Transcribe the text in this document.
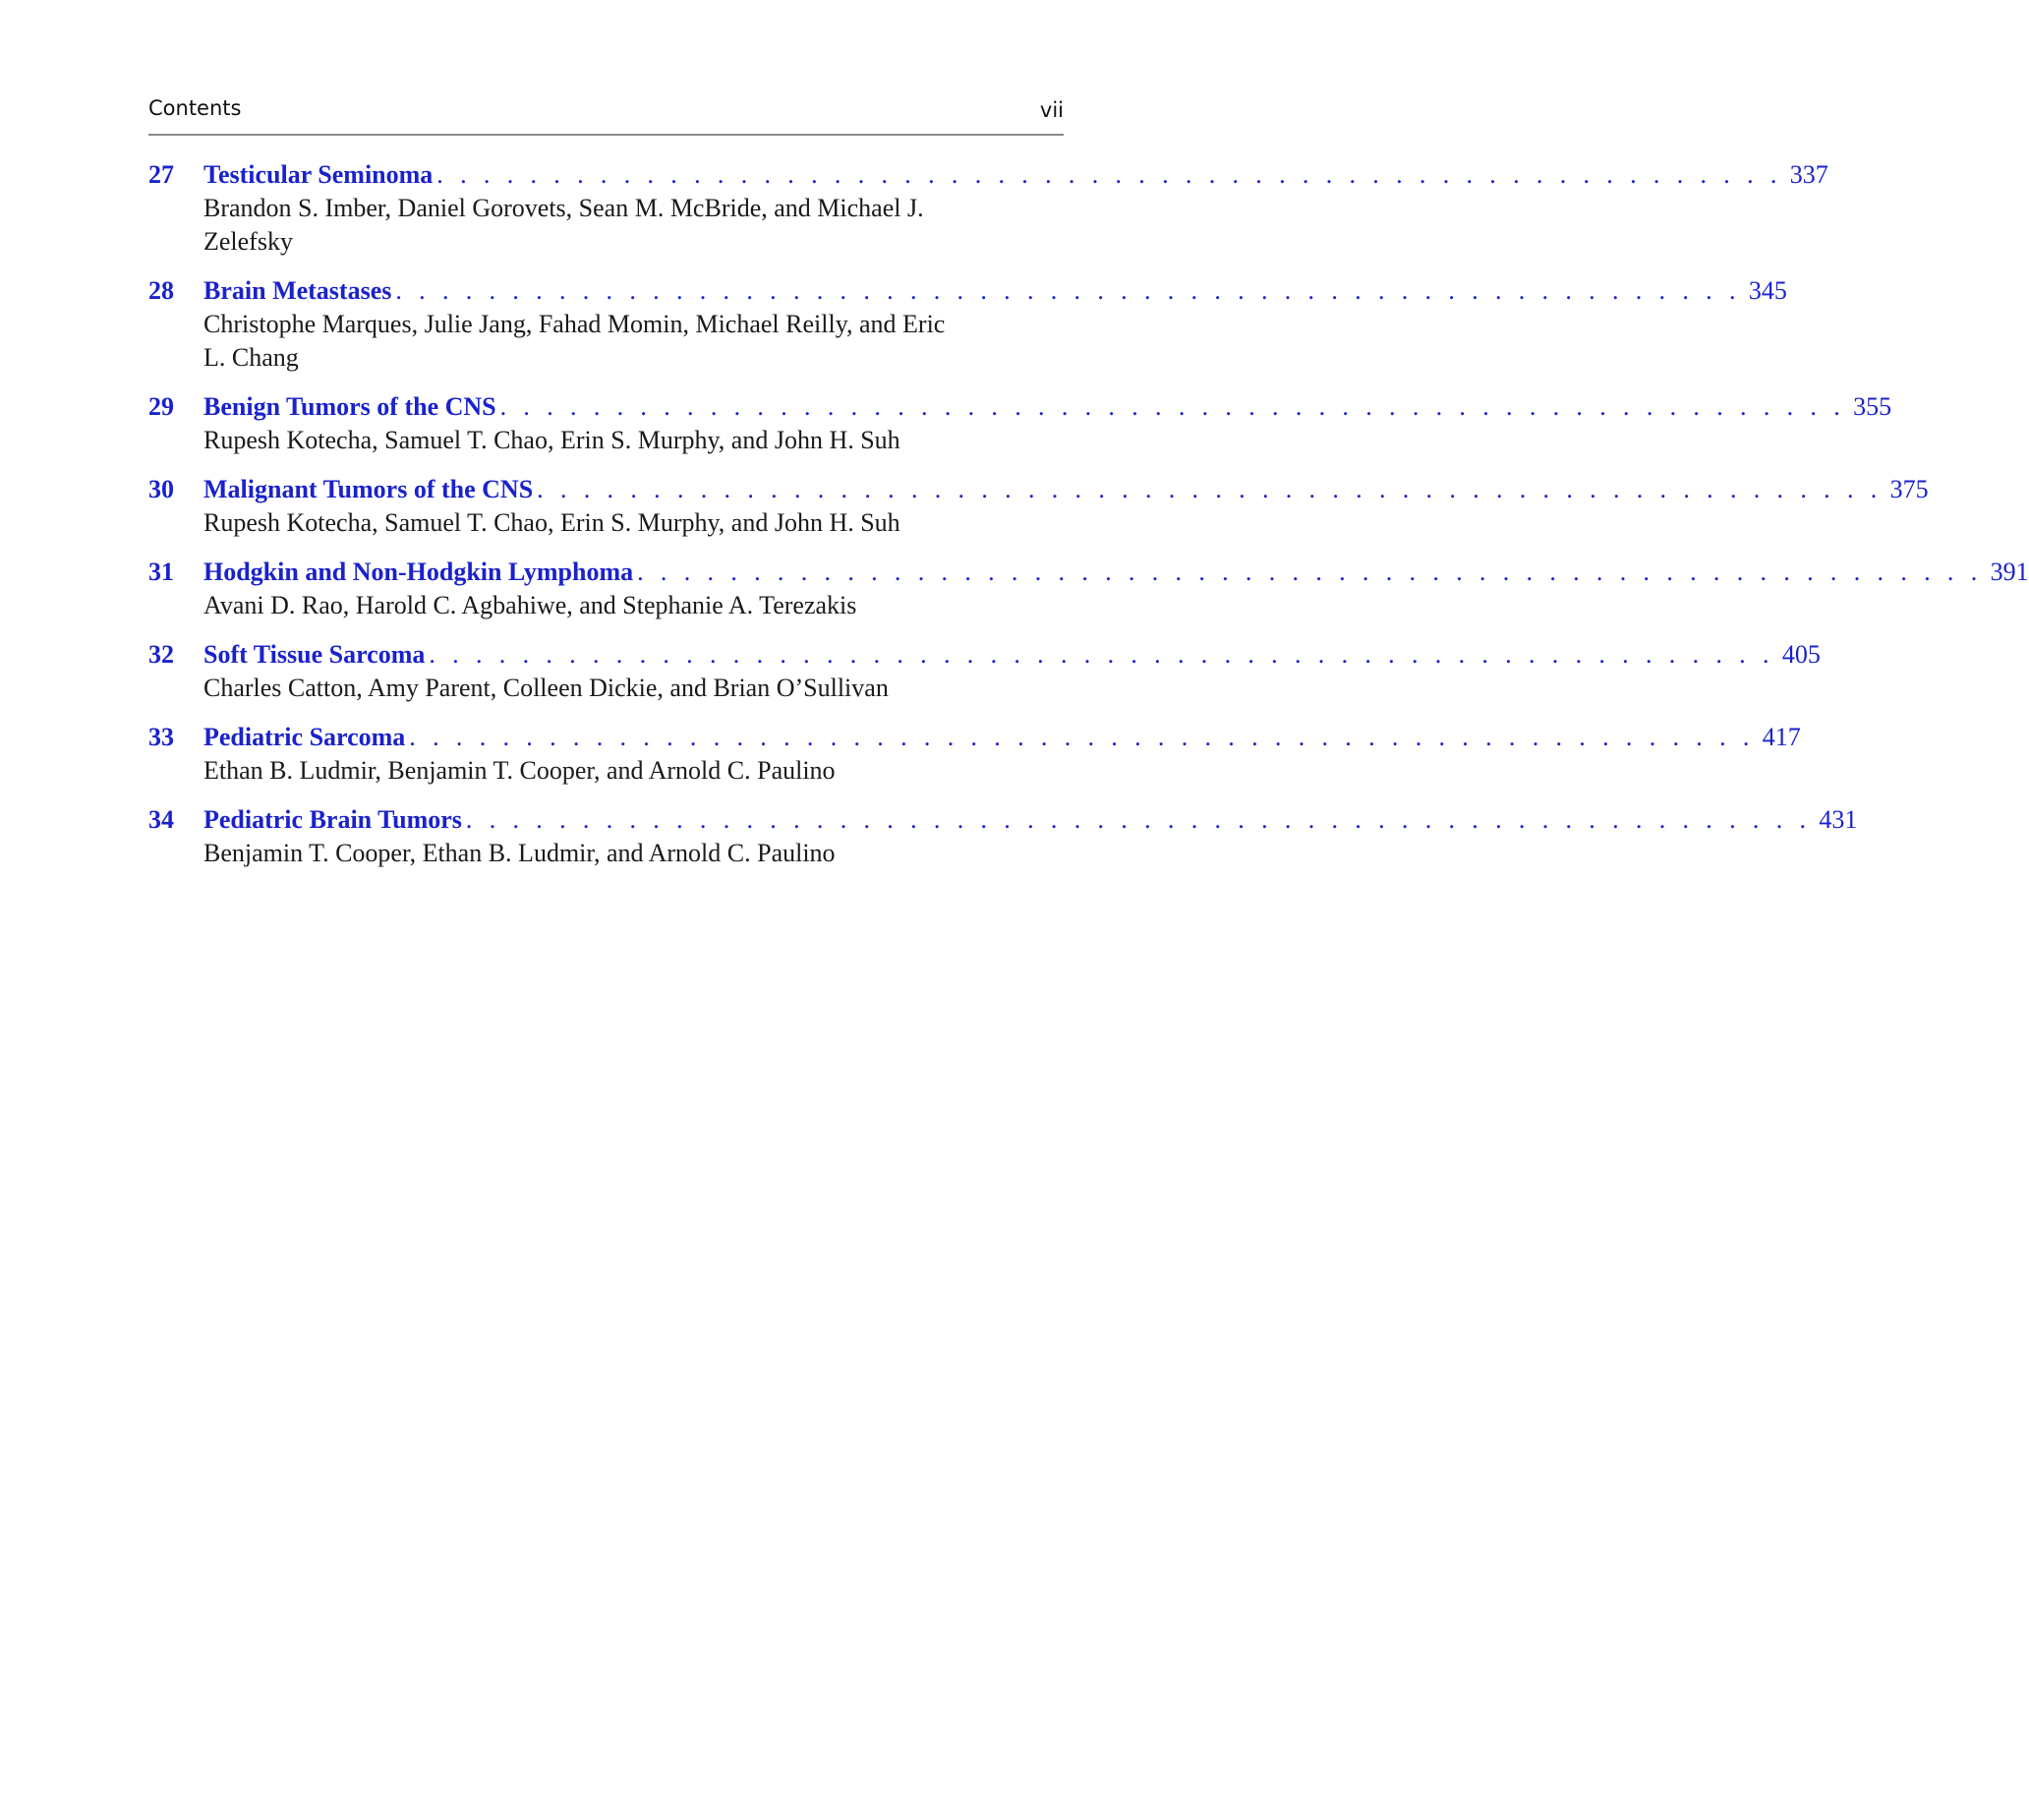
Contents	vii
27 Testicular Seminoma . . . . . . . . . . . . . . . . . . . . . . . . . . . . . . . . . . . . . . . . . . . . . . . . . . . . . . . . . . 337
Brandon S. Imber, Daniel Gorovets, Sean M. McBride, and Michael J. Zelefsky
28 Brain Metastases . . . . . . . . . . . . . . . . . . . . . . . . . . . . . . . . . . . . . . . . . . . . . . . . . . . . . . . . . . 345
Christophe Marques, Julie Jang, Fahad Momin, Michael Reilly, and Eric L. Chang
29 Benign Tumors of the CNS . . . . . . . . . . . . . . . . . . . . . . . . . . . . . . . . . . . . . . . . . . . . . . . . . . . . . . . . . . 355
Rupesh Kotecha, Samuel T. Chao, Erin S. Murphy, and John H. Suh
30 Malignant Tumors of the CNS . . . . . . . . . . . . . . . . . . . . . . . . . . . . . . . . . . . . . . . . . . . . . . . . . . . . . . . . . . 375
Rupesh Kotecha, Samuel T. Chao, Erin S. Murphy, and John H. Suh
31 Hodgkin and Non-Hodgkin Lymphoma . . . . . . . . . . . . . . . . . . . . . . . . . . . . . . . . . . . . . . . . . . . . . . . . . . . . . . . . . . 391
Avani D. Rao, Harold C. Agbahiwe, and Stephanie A. Terezakis
32 Soft Tissue Sarcoma . . . . . . . . . . . . . . . . . . . . . . . . . . . . . . . . . . . . . . . . . . . . . . . . . . . . . . . . . . 405
Charles Catton, Amy Parent, Colleen Dickie, and Brian O’Sullivan
33 Pediatric Sarcoma . . . . . . . . . . . . . . . . . . . . . . . . . . . . . . . . . . . . . . . . . . . . . . . . . . . . . . . . . . 417
Ethan B. Ludmir, Benjamin T. Cooper, and Arnold C. Paulino
34 Pediatric Brain Tumors . . . . . . . . . . . . . . . . . . . . . . . . . . . . . . . . . . . . . . . . . . . . . . . . . . . . . . . . . . 431
Benjamin T. Cooper, Ethan B. Ludmir, and Arnold C. Paulino
